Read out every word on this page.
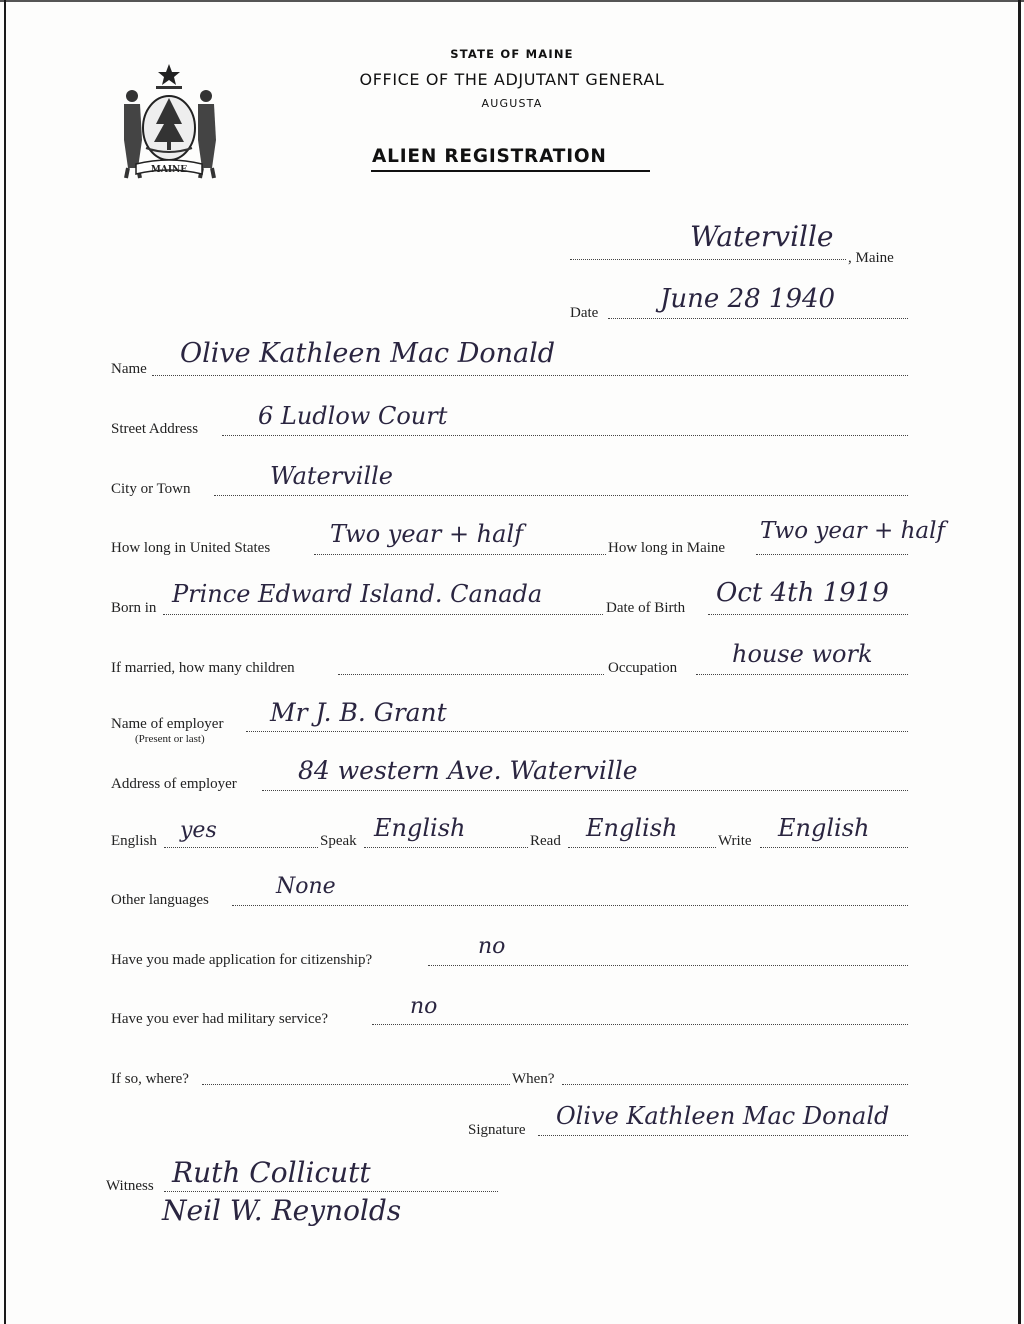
MAINE
STATE OF MAINE
OFFICE OF THE ADJUTANT GENERAL
AUGUSTA
ALIEN REGISTRATION
Waterville
, Maine
Date June 28 1940
Name Olive Kathleen Mac Donald
Street Address 6 Ludlow Court
City or Town	Waterville
How long in United States Two year + half	How long in Maine
Two year + half
Born in Prince Edward Island. Canada	Date of Birth Oct 4th 1919
If married, how many children	Occupation house work
Name of employer
(Present or last)
Mr J. B. Grant
Address of employer 84 western Ave. Waterville
English yes	Speak English	Read English	Write English
Other languages
None
Have you made application for citizenship?
no
Have you ever had military service?	no
If so, where?	When?
Signature Olive Kathleen Mac Donald
Witness Ruth Collicutt
Neil W. Reynolds
